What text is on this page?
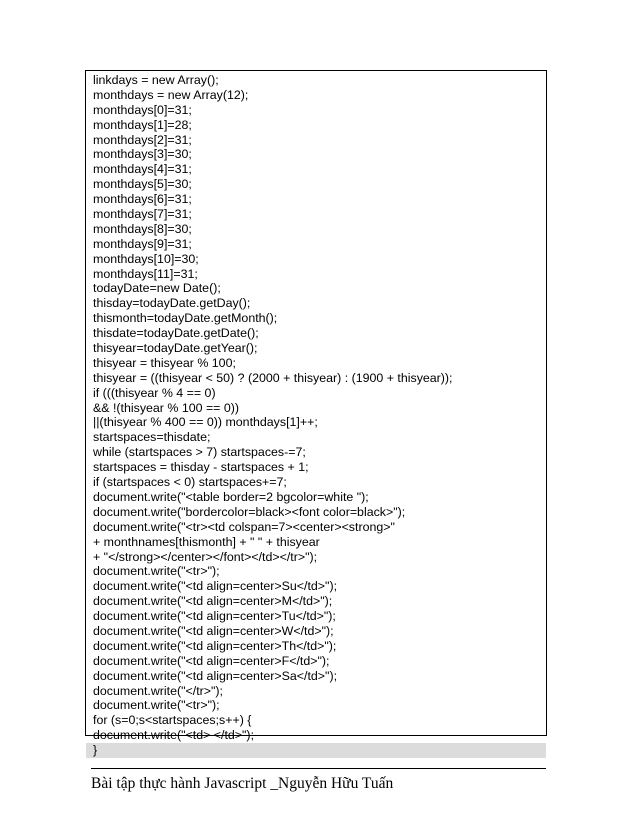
linkdays = new Array();
monthdays = new Array(12);
monthdays[0]=31;
monthdays[1]=28;
monthdays[2]=31;
monthdays[3]=30;
monthdays[4]=31;
monthdays[5]=30;
monthdays[6]=31;
monthdays[7]=31;
monthdays[8]=30;
monthdays[9]=31;
monthdays[10]=30;
monthdays[11]=31;
todayDate=new Date();
thisday=todayDate.getDay();
thismonth=todayDate.getMonth();
thisdate=todayDate.getDate();
thisyear=todayDate.getYear();
thisyear = thisyear % 100;
thisyear = ((thisyear < 50) ? (2000 + thisyear) : (1900 + thisyear));
if (((thisyear % 4 == 0)
&& !(thisyear % 100 == 0))
||(thisyear % 400 == 0)) monthdays[1]++;
startspaces=thisdate;
while (startspaces > 7) startspaces-=7;
startspaces = thisday - startspaces + 1;
if (startspaces < 0) startspaces+=7;
document.write("<table border=2 bgcolor=white ");
document.write("bordercolor=black><font color=black>");
document.write("<tr><td colspan=7><center><strong>"
+ monthnames[thismonth] + " " + thisyear
+ "</strong></center></font></td></tr>");
document.write("<tr>");
document.write("<td align=center>Su</td>");
document.write("<td align=center>M</td>");
document.write("<td align=center>Tu</td>");
document.write("<td align=center>W</td>");
document.write("<td align=center>Th</td>");
document.write("<td align=center>F</td>");
document.write("<td align=center>Sa</td>");
document.write("</tr>");
document.write("<tr>");
for (s=0;s<startspaces;s++) {
document.write("<td> </td>");
}
Bài tập thực hành Javascript _Nguyễn Hữu Tuấn
